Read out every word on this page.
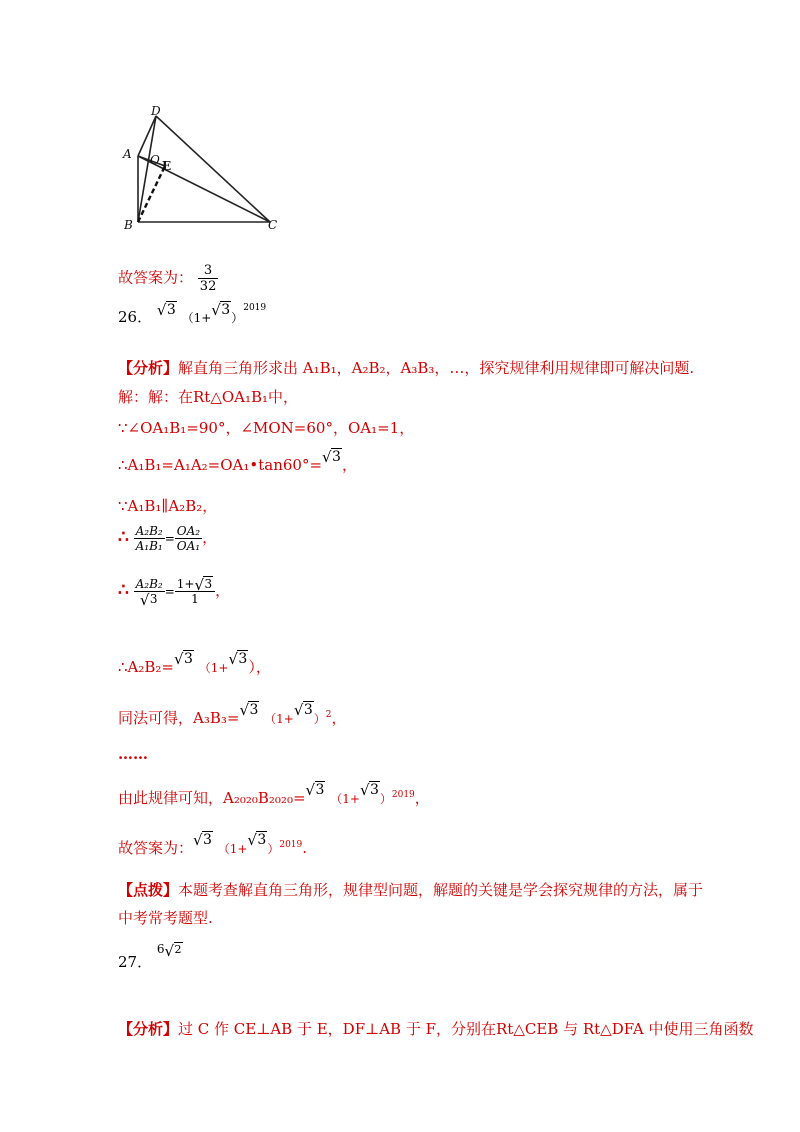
D
A O E
B	C
故答案为： $\frac{3}{32}$
26． √ 3 （1+ √ 3）$^{2019}$
【分析】解直角三角形求出 A₁B₁，A₂B₂，A₃B₃，…，探究规律利用规律即可解决问题.
解：解：在Rt△OA₁B₁中，
∵∠OA₁B₁=90°，∠MON=60°，OA₁=1，
∴A₁B₁=A₁A₂=OA₁•tan60°= √ 3，
∵A₁B₁∥A₂B₂，
∴ $\frac{\text{A₂B₂}}{\text{A₁B₁}} = \frac{\text{OA₂}}{\text{OA₁}}$ ，
∴ A₂B₂
√ $3 = \frac{1+ √ 3}{1}$ ，
∴A₂B₂= √ 3 （1+√ 3），
同法可得，A₃B₃= √ 3 （1+√ 3）$^2$，
……
由此规律可知，A₂₀₂₀B₂₀₂₀= √ 3 （1+√ 3）$^{2019}$，
故答案为： √ 3 （1+√ 3）$^{2019}$.
【点拨】本题考查解直角三角形，规律型问题，解题的关键是学会探究规律的方法，属于
中考常考题型.
27． $^6$ √ 2
【分析】过 C 作 CE⊥AB 于 E，DF⊥AB 于 F，分别在Rt△CEB 与 Rt△DFA 中使用三角函数
